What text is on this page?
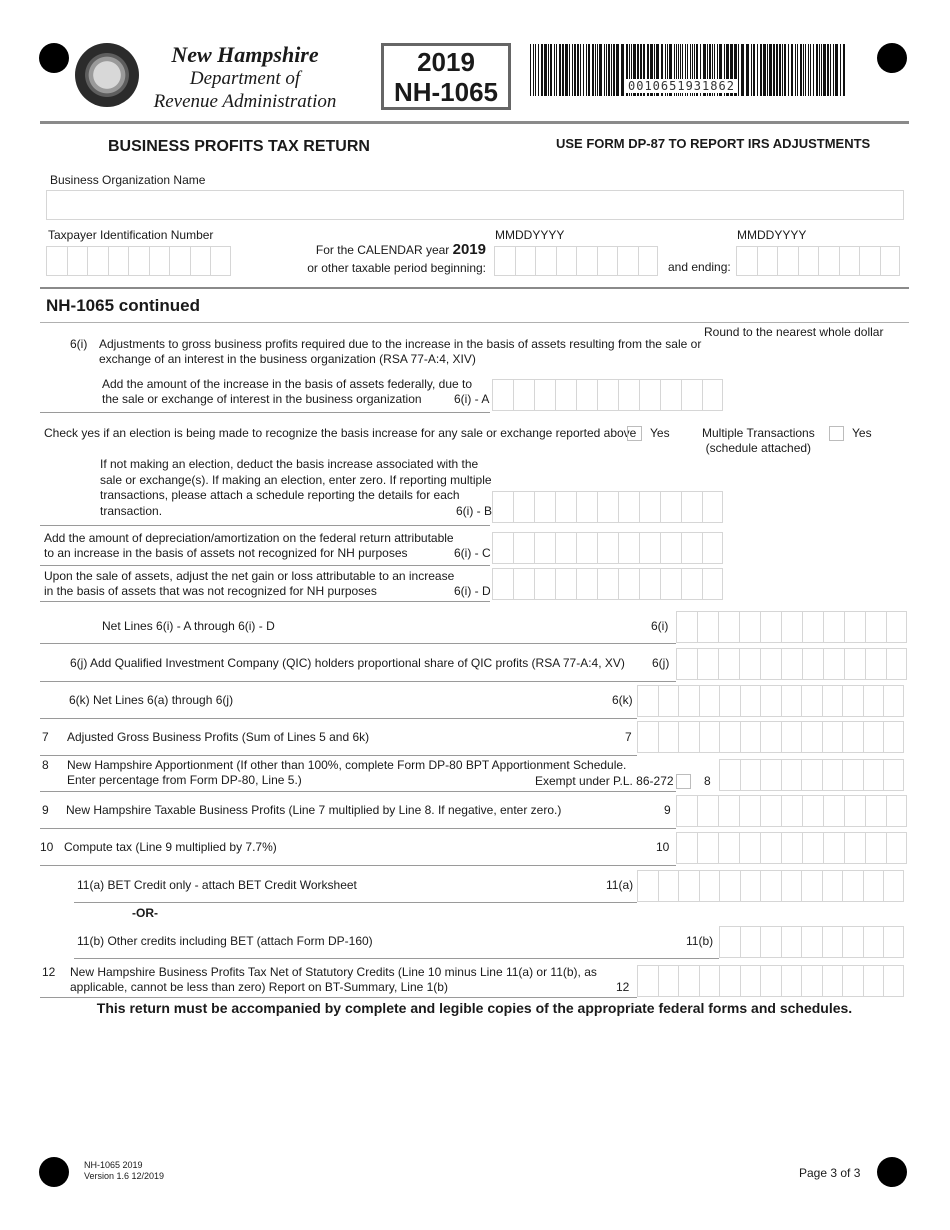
New Hampshire
Department of
Revenue Administration
2019
NH-1065	0010651931862
BUSINESS PROFITS TAX RETURN	USE FORM DP-87 TO REPORT IRS ADJUSTMENTS
Business Organization Name
Taxpayer Identification Number
For the CALENDAR year 2019
or other taxable period beginning:
MMDDYYYY
and ending:
MMDDYYYY
NH-1065 continued
Round to the nearest whole dollar
6(i) Adjustments to gross business profits required due to the increase in the basis of assets resulting from the sale or
exchange of an interest in the business organization (RSA 77-A:4, XIV)
Add the amount of the increase in the basis of assets federally, due to
the sale or exchange of interest in the business organization	6(i) - A
Check yes if an election is being made to recognize the basis increase for any sale or exchange reported above Yes	Multiple Transactions
(schedule attached)
Yes
If not making an election, deduct the basis increase associated with the
sale or exchange(s). If making an election, enter zero. If reporting multiple
transactions, please attach a schedule reporting the details for each
transaction.	6(i) - B
Add the amount of depreciation/amortization on the federal return attributable
to an increase in the basis of assets not recognized for NH purposes	6(i) - C
Upon the sale of assets, adjust the net gain or loss attributable to an increase
in the basis of assets that was not recognized for NH purposes	6(i) - D
Net Lines 6(i) - A through 6(i) - D	6(i)
6(j) Add Qualified Investment Company (QIC) holders proportional share of QIC profits (RSA 77-A:4, XV) 6(j)
6(k) Net Lines 6(a) through 6(j)	6(k)
7 Adjusted Gross Business Profits (Sum of Lines 5 and 6k)	7
8 New Hampshire Apportionment (If other than 100%, complete Form DP-80 BPT Apportionment Schedule.
Enter percentage from Form DP-80, Line 5.)	Exempt under P.L. 86-272	8
9 New Hampshire Taxable Business Profits (Line 7 multiplied by Line 8. If negative, enter zero.)	9
10 Compute tax (Line 9 multiplied by 7.7%)	10
11(a) BET Credit only - attach BET Credit Worksheet	11(a)
-OR-
11(b) Other credits including BET (attach Form DP-160)	11(b)
12 New Hampshire Business Profits Tax Net of Statutory Credits (Line 10 minus Line 11(a) or 11(b), as
applicable, cannot be less than zero) Report on BT-Summary, Line 1(b)	12
This return must be accompanied by complete and legible copies of the appropriate federal forms and schedules.
NH-1065 2019
Version 1.6 12/2019	Page 3 of 3
